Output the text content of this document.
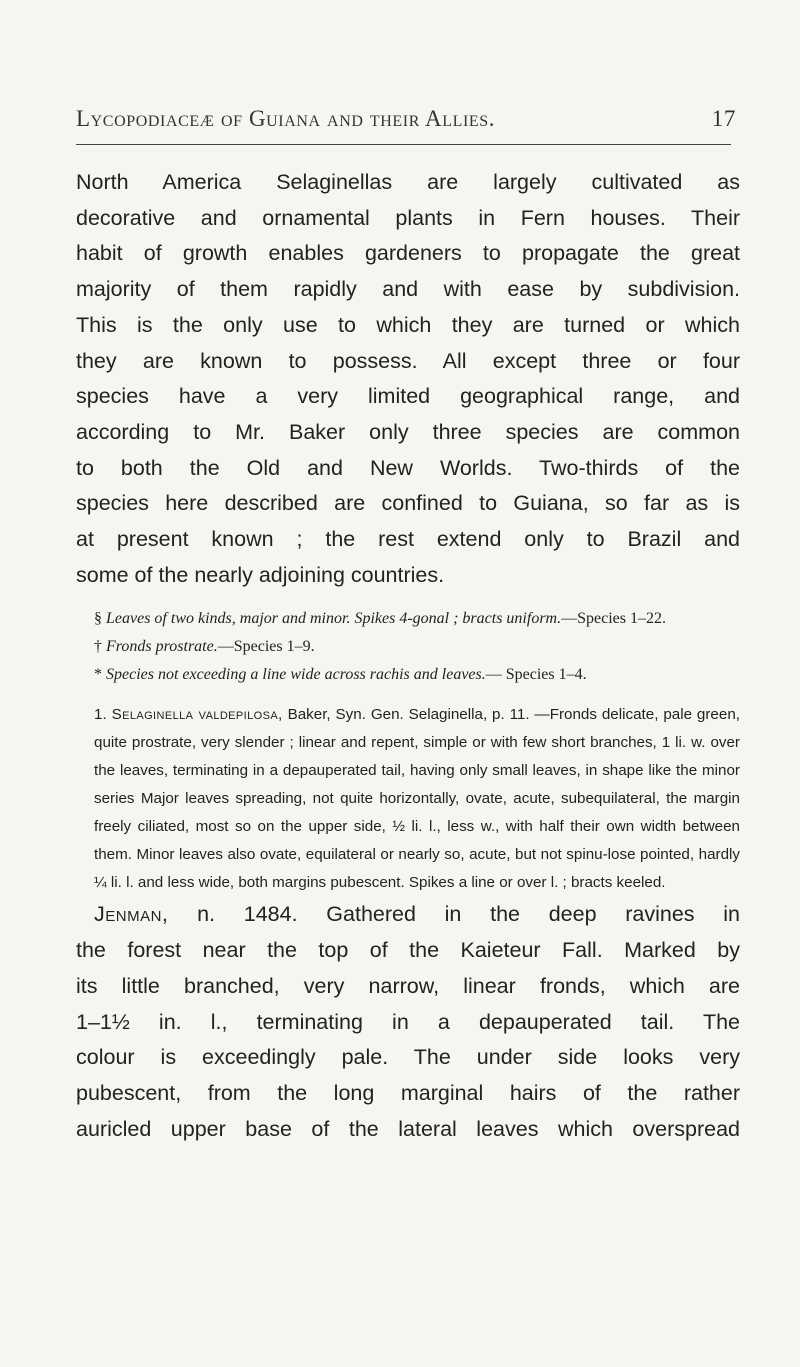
Lycopodiaceæ of Guiana and their Allies.	17

North America Selaginellas are largely cultivated as

decorative and ornamental plants in Fern houses. Their

habit of growth enables gardeners to propagate the great

majority of them rapidly and with ease by subdivision.

This is the only use to which they are turned or which

they are known to possess. All except three or four

species have a very limited geographical range, and

according to Mr. Baker only three species are common

to both the Old and New Worlds. Two-thirds of the

species here described are confined to Guiana, so far as is

at present known ; the rest extend only to Brazil and

some of the nearly adjoining countries.

§ Leaves of two kinds, major and minor. Spikes 4-gonal ; bracts uniform.—Species 1–22.

† Fronds prostrate.—Species 1–9.

* Species not exceeding a line wide across rachis and leaves.— Species 1–4.

1. Selaginella valdepilosa, Baker, Syn. Gen. Selaginella, p. 11. —Fronds delicate, pale green, quite prostrate, very slender ; linear and repent, simple or with few short branches, 1 li. w. over the leaves, terminating in a depauperated tail, having only small leaves, in shape like the minor series Major leaves spreading, not quite horizontally, ovate, acute, subequilateral, the margin freely ciliated, most so on the upper side, ½ li. l., less w., with half their own width between them. Minor leaves also ovate, equilateral or nearly so, acute, but not spinu-lose pointed, hardly ¼ li. l. and less wide, both margins pubescent. Spikes a line or over l. ; bracts keeled.

Jenman, n. 1484. Gathered in the deep ravines in

the forest near the top of the Kaieteur Fall. Marked by

its little branched, very narrow, linear fronds, which are

1–1½ in. l., terminating in a depauperated tail. The

colour is exceedingly pale. The under side looks very

pubescent, from the long marginal hairs of the rather

auricled upper base of the lateral leaves which overspread
